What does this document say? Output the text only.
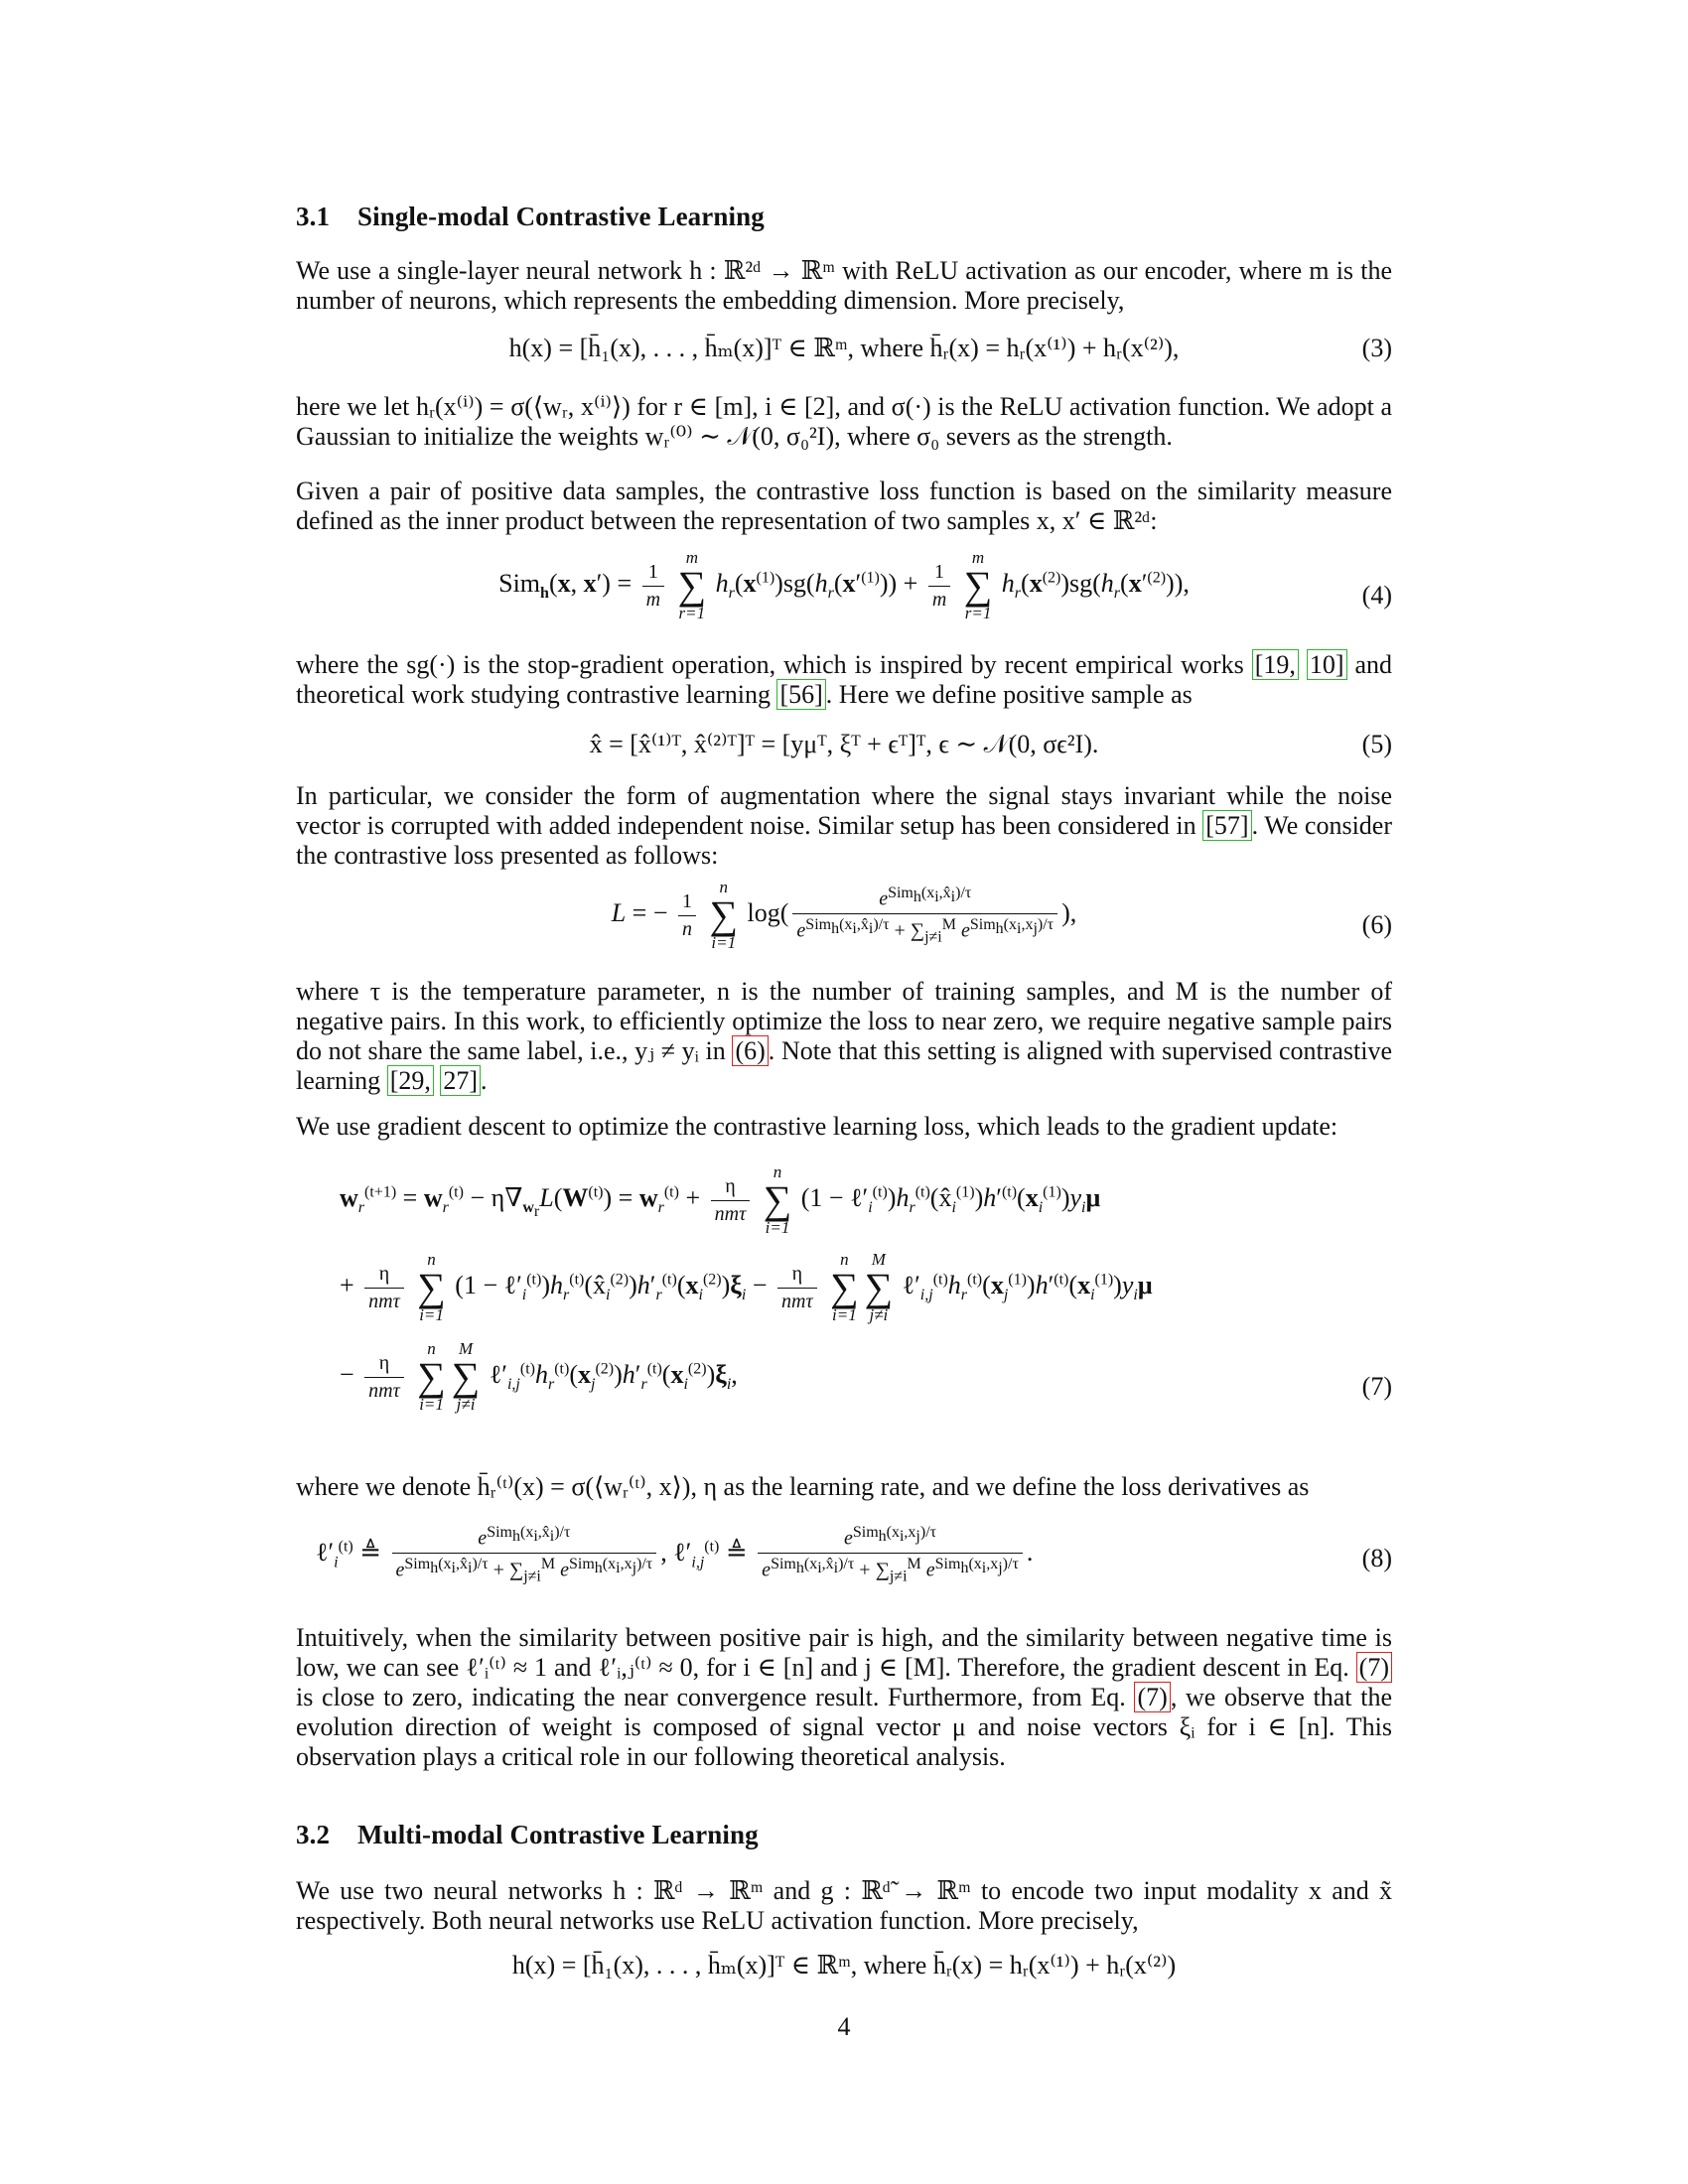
3.1 Single-modal Contrastive Learning
We use a single-layer neural network h : ℝ²ᵈ → ℝᵐ with ReLU activation as our encoder, where m is the number of neurons, which represents the embedding dimension. More precisely,
h(x) = [h̄₁(x), . . . , h̄ₘ(x)]ᵀ ∈ ℝᵐ, where h̄ᵣ(x) = hᵣ(x⁽¹⁾) + hᵣ(x⁽²⁾),	(3)
here we let hᵣ(x⁽ⁱ⁾) = σ(⟨wᵣ, x⁽ⁱ⁾⟩) for r ∈ [m], i ∈ [2], and σ(·) is the ReLU activation function. We adopt a Gaussian to initialize the weights wᵣ⁽⁰⁾ ∼ 𝒩(0, σ₀²I), where σ₀ severs as the strength.
Given a pair of positive data samples, the contrastive loss function is based on the similarity measure defined as the inner product between the representation of two samples x, x′ ∈ ℝ²ᵈ:
Sim$_h$(x, $x') = \frac{1}{m}$

m
∑
r=1
$h_r(x^{(1)})sg(h_r(x'^{(1)})) + \frac{1}{m}$

m
∑
r=1
$h_r(x^{(2)})sg(h_r(x'^{(2)}))$,	(4)
where the sg(·) is the stop-gradient operation, which is inspired by recent empirical works [19, 10] and theoretical work studying contrastive learning [56] . Here we define positive sample as
x̂ = [x̂⁽¹⁾ᵀ, x̂⁽²⁾ᵀ]ᵀ = [yμᵀ, ξᵀ + ϵᵀ]ᵀ, ϵ ∼ 𝒩(0, σϵ²I).	(5)
In particular, we consider the form of augmentation where the signal stays invariant while the noise vector is corrupted with added independent noise. Similar setup has been considered in [57] . We consider the contrastive loss presented as follows:
L = − $\frac{1}{n}$

n
∑
i=1
$\log( \frac{e^{Sim_h(x_i,x̂_i)/\tau}}{e^{Sim_h(x_i,x̂_i)/\tau} + \sum_{j\ne i}^M e^{Sim_h(x_i,x_j)/\tau}}$ ),	(6)
where τ is the temperature parameter, n is the number of training samples, and M is the number of negative pairs. In this work, to efficiently optimize the loss to near zero, we require negative sample pairs do not share the same label, i.e., yⱼ ≠ yᵢ in (6) . Note that this setting is aligned with supervised contrastive learning [29, 27] .
We use gradient descent to optimize the contrastive learning loss, which leads to the gradient update:
$w_r^{(t+1)} = w_r^{(t)} - \eta\nabla_{w_r}L(W^{(t)}) = w_r^{(t)} + \frac{\eta}{\text{nmτ}}$

n
∑
i=1
$(1 - \ell'_i^{(t)})h_r^{(t)}(x̂_i^{(1)})h'^{(t)}(x_i^{(1)})y_i\mu$
+ $\frac{\eta}{\text{nmτ}}$

n
∑
i=1
$(1 - \ell'_i^{(t)})h_r^{(t)}(x̂_i^{(2)})h'_r^{(t)}(x_i^{(2)})\xi_i - \frac{\eta}{\text{nmτ}}$

n
∑
i=1
M
∑
j≠i
$\ell'_{i,j}^{(t)}h_r^{(t)}(x_j^{(1)})h'^{(t)}(x_i^{(1)})y_i\mu$
− $\frac{\eta}{\text{nmτ}}$

n
∑
i=1
M
∑
j≠i
$\ell'_{i,j}^{(t)}h_r^{(t)}(x_j^{(2)})h'_r^{(t)}(x_i^{(2)})\xi_i$,	(7)
where we denote h̄ᵣ⁽ᵗ⁾(x) = σ(⟨wᵣ⁽ᵗ⁾, x⟩), η as the learning rate, and we define the loss derivatives as
$\ell'_i^{(t)}$ ≜ $\frac{e^{Sim_h(x_i,x̂_i)/\tau}}{e^{Sim_h(x_i,x̂_i)/\tau} + \sum_{j\ne i}^M e^{Sim_h(x_i,x_j)/\tau}}$ , $\ell'_{i,j}^{(t)}$ ≜ $\frac{e^{Sim_h(x_i,x_j)/\tau}}{e^{Sim_h(x_i,x̂_i)/\tau} + \sum_{j\ne i}^M e^{Sim_h(x_i,x_j)/\tau}}$ .	(8)
Intuitively, when the similarity between positive pair is high, and the similarity between negative time is low, we can see ℓ′ᵢ⁽ᵗ⁾ ≈ 1 and ℓ′ᵢ,ⱼ⁽ᵗ⁾ ≈ 0, for i ∈ [n] and j ∈ [M]. Therefore, the gradient descent in Eq. (7) is close to zero, indicating the near convergence result. Furthermore, from Eq. (7) , we observe that the evolution direction of weight is composed of signal vector μ and noise vectors ξᵢ for i ∈ [n]. This observation plays a critical role in our following theoretical analysis.
3.2 Multi-modal Contrastive Learning
We use two neural networks h : ℝᵈ → ℝᵐ and g : ℝᵈ̃ → ℝᵐ to encode two input modality x and x̃ respectively. Both neural networks use ReLU activation function. More precisely,
h(x) = [h̄₁(x), . . . , h̄ₘ(x)]ᵀ ∈ ℝᵐ, where h̄ᵣ(x) = hᵣ(x⁽¹⁾) + hᵣ(x⁽²⁾)
4
